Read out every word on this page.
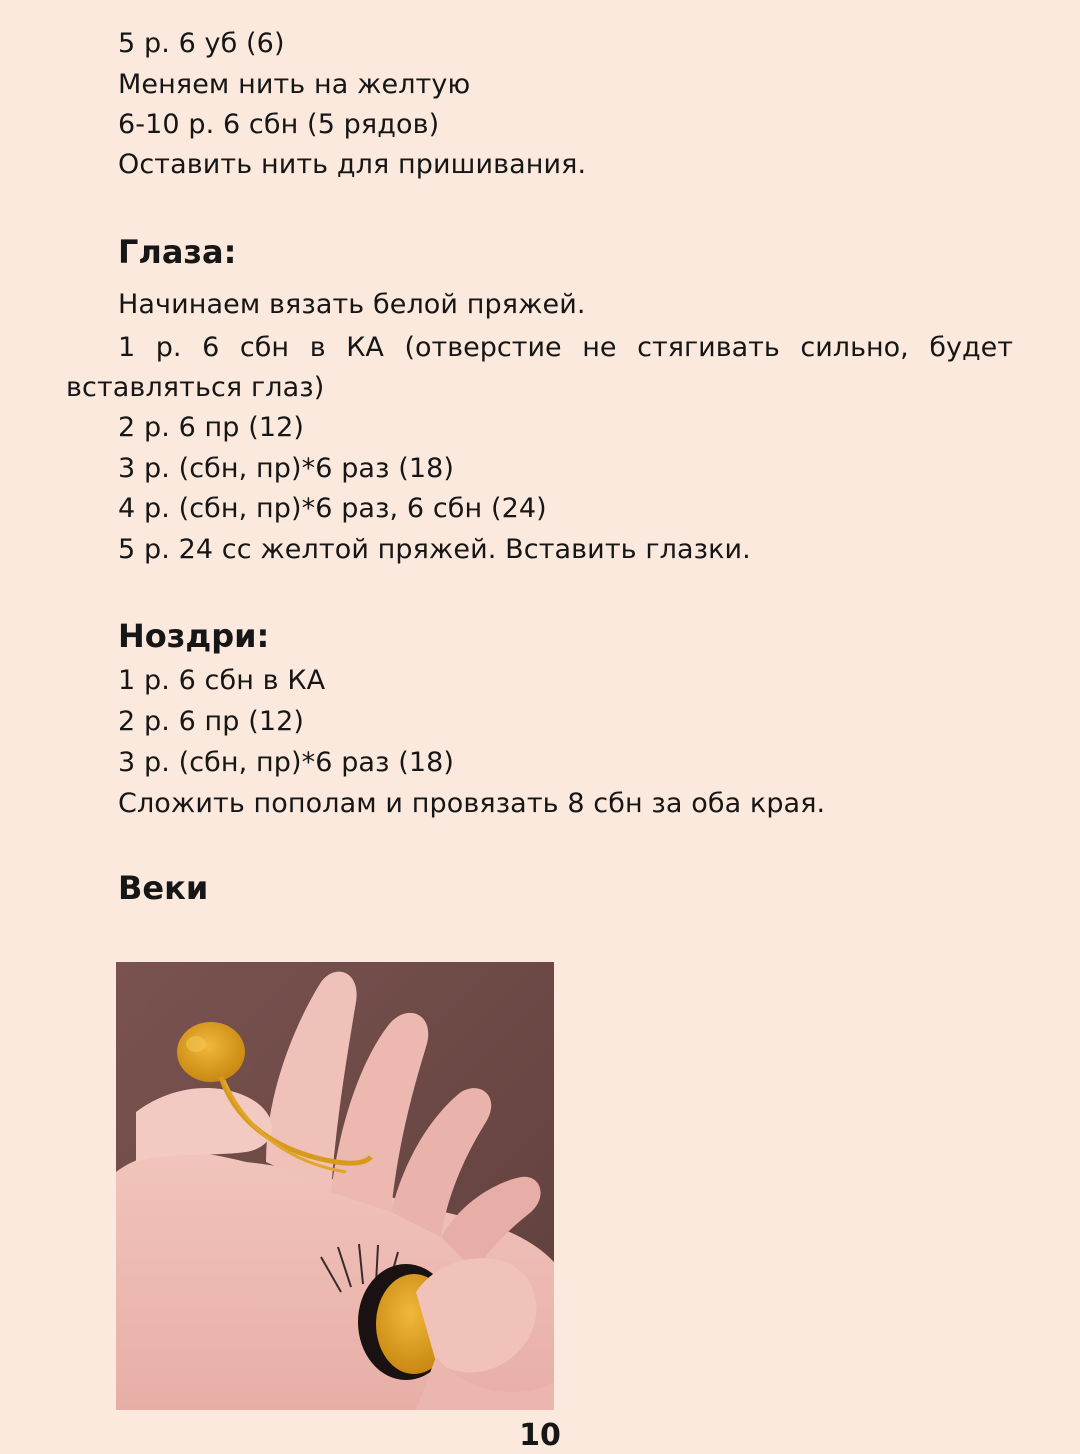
5 р. 6 уб (6)
Меняем нить на желтую
6-10 р. 6 сбн (5 рядов)
Оставить нить для пришивания.
Глаза:
Начинаем вязать белой пряжей.
1 р. 6 сбн в КА (отверстие не стягивать сильно, будет
вставляться глаз)
2 р. 6 пр (12)
3 р. (сбн, пр)*6 раз (18)
4 р. (сбн, пр)*6 раз, 6 сбн (24)
5 р. 24 сс желтой пряжей. Вставить глазки.
Ноздри:
1 р. 6 сбн в КА
2 р. 6 пр (12)
3 р. (сбн, пр)*6 раз (18)
Сложить пополам и провязать 8 сбн за оба края.
Веки
10
